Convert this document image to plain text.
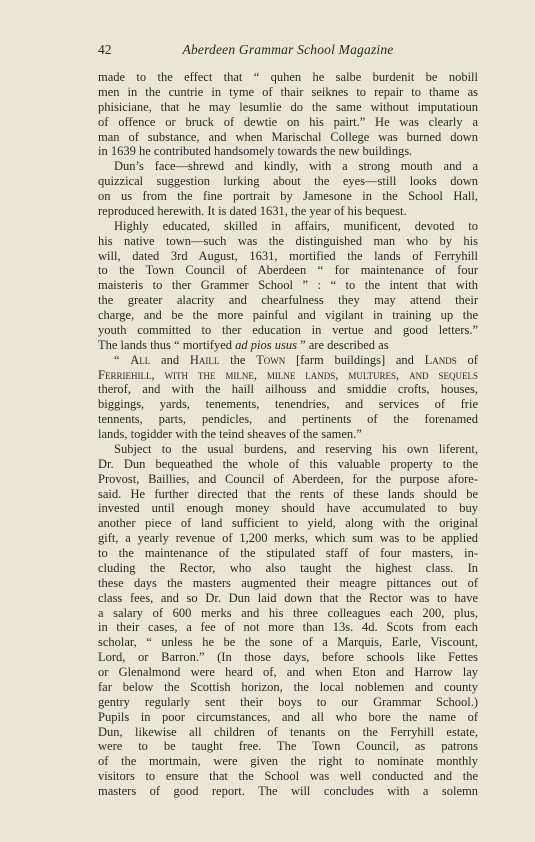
42	Aberdeen Grammar School Magazine
made to the effect that “ quhen he salbe burdenit be nobill
men in the cuntrie in tyme of thair seiknes to repair to thame as
phisiciane, that he may lesumlie do the same without imputatioun
of offence or bruck of dewtie on his pairt.” He was clearly a
man of substance, and when Marischal College was burned down
in 1639 he contributed handsomely towards the new buildings.
Dun’s face—shrewd and kindly, with a strong mouth and a
quizzical suggestion lurking about the eyes—still looks down
on us from the fine portrait by Jamesone in the School Hall,
reproduced herewith. It is dated 1631, the year of his bequest.
Highly educated, skilled in affairs, munificent, devoted to
his native town—such was the distinguished man who by his
will, dated 3rd August, 1631, mortified the lands of Ferryhill
to the Town Council of Aberdeen “ for maintenance of four
maisteris to ther Grammer School ” : “ to the intent that with
the greater alacrity and chearfulness they may attend their
charge, and be the more painful and vigilant in training up the
youth committed to ther education in vertue and good letters.”
The lands thus “ mortifyed ad pios usus ” are described as
“ All and Haill the Town [farm buildings] and Lands of
Ferriehill, with the milne, milne lands, multures, and sequels
therof, and with the haill ailhouss and smiddie crofts, houses,
biggings, yards, tenements, tenendries, and services of frie
tennents, parts, pendicles, and pertinents of the forenamed
lands, togidder with the teind sheaves of the samen.”
Subject to the usual burdens, and reserving his own liferent,
Dr. Dun bequeathed the whole of this valuable property to the
Provost, Baillies, and Council of Aberdeen, for the purpose afore-
said. He further directed that the rents of these lands should be
invested until enough money should have accumulated to buy
another piece of land sufficient to yield, along with the original
gift, a yearly revenue of 1,200 merks, which sum was to be applied
to the maintenance of the stipulated staff of four masters, in-
cluding the Rector, who also taught the highest class. In
these days the masters augmented their meagre pittances out of
class fees, and so Dr. Dun laid down that the Rector was to have
a salary of 600 merks and his three colleagues each 200, plus,
in their cases, a fee of not more than 13s. 4d. Scots from each
scholar, “ unless he be the sone of a Marquis, Earle, Viscount,
Lord, or Barron.” (In those days, before schools like Fettes
or Glenalmond were heard of, and when Eton and Harrow lay
far below the Scottish horizon, the local noblemen and county
gentry regularly sent their boys to our Grammar School.)
Pupils in poor circumstances, and all who bore the name of
Dun, likewise all children of tenants on the Ferryhill estate,
were to be taught free. The Town Council, as patrons
of the mortmain, were given the right to nominate monthly
visitors to ensure that the School was well conducted and the
masters of good report. The will concludes with a solemn
